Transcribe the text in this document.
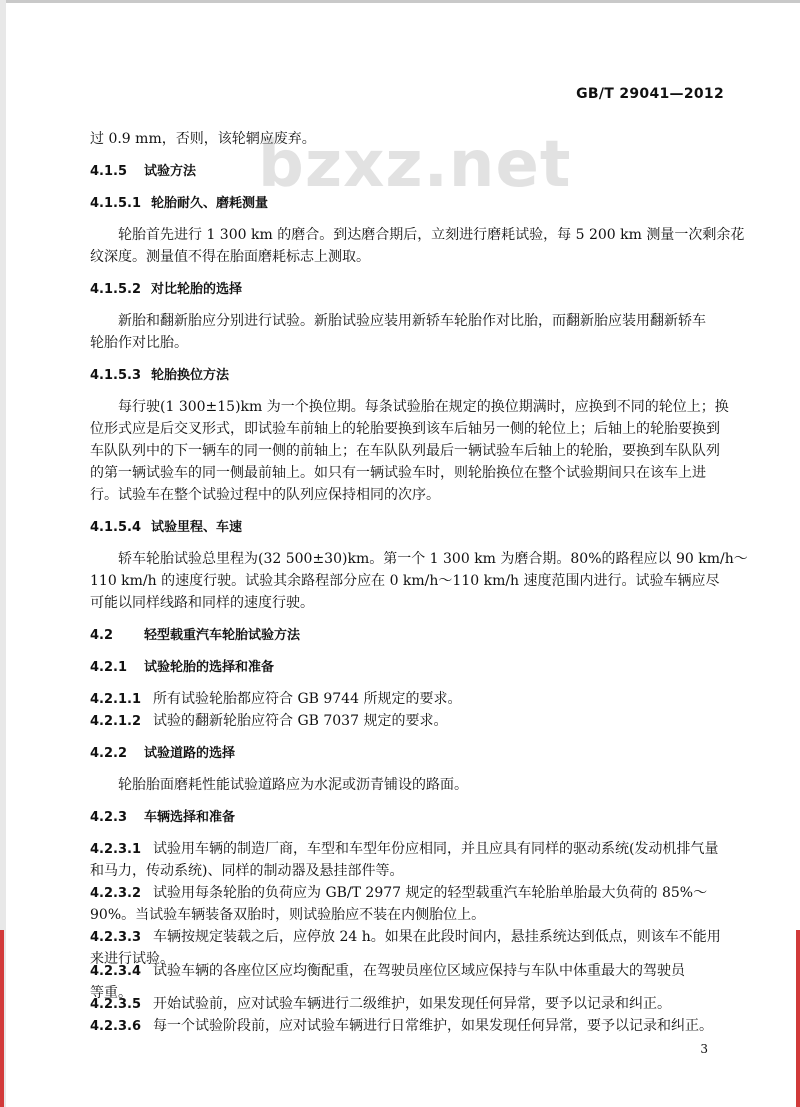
GB/T 29041—2012
bzxz.net
过 0.9 mm，否则，该轮辋应废弃。
4.1.5 试验方法
4.1.5.1 轮胎耐久、磨耗测量
轮胎首先进行 1 300 km 的磨合。到达磨合期后，立刻进行磨耗试验，每 5 200 km 测量一次剩余花
纹深度。测量值不得在胎面磨耗标志上测取。
4.1.5.2 对比轮胎的选择
新胎和翻新胎应分别进行试验。新胎试验应装用新轿车轮胎作对比胎，而翻新胎应装用翻新轿车
轮胎作对比胎。
4.1.5.3 轮胎换位方法
每行驶(1 300±15)km 为一个换位期。每条试验胎在规定的换位期满时，应换到不同的轮位上；换
位形式应是后交叉形式，即试验车前轴上的轮胎要换到该车后轴另一侧的轮位上；后轴上的轮胎要换到
车队队列中的下一辆车的同一侧的前轴上；在车队队列最后一辆试验车后轴上的轮胎，要换到车队队列
的第一辆试验车的同一侧最前轴上。如只有一辆试验车时，则轮胎换位在整个试验期间只在该车上进
行。试验车在整个试验过程中的队列应保持相同的次序。
4.1.5.4 试验里程、车速
轿车轮胎试验总里程为(32 500±30)km。第一个 1 300 km 为磨合期。80%的路程应以 90 km/h～
110 km/h 的速度行驶。试验其余路程部分应在 0 km/h～110 km/h 速度范围内进行。试验车辆应尽
可能以同样线路和同样的速度行驶。
4.2 轻型载重汽车轮胎试验方法
4.2.1 试验轮胎的选择和准备
4.2.1.1 所有试验轮胎都应符合 GB 9744 所规定的要求。
4.2.1.2 试验的翻新轮胎应符合 GB 7037 规定的要求。
4.2.2 试验道路的选择
轮胎胎面磨耗性能试验道路应为水泥或沥青铺设的路面。
4.2.3 车辆选择和准备
4.2.3.1 试验用车辆的制造厂商，车型和车型年份应相同，并且应具有同样的驱动系统(发动机排气量
和马力，传动系统)、同样的制动器及悬挂部件等。
4.2.3.2 试验用每条轮胎的负荷应为 GB/T 2977 规定的轻型载重汽车轮胎单胎最大负荷的 85%～
90%。当试验车辆装备双胎时，则试验胎应不装在内侧胎位上。
4.2.3.3 车辆按规定装载之后，应停放 24 h。如果在此段时间内，悬挂系统达到低点，则该车不能用
来进行试验。
4.2.3.4 试验车辆的各座位区应均衡配重，在驾驶员座位区域应保持与车队中体重最大的驾驶员
等重。
4.2.3.5 开始试验前，应对试验车辆进行二级维护，如果发现任何异常，要予以记录和纠正。
4.2.3.6 每一个试验阶段前，应对试验车辆进行日常维护，如果发现任何异常，要予以记录和纠正。
3
